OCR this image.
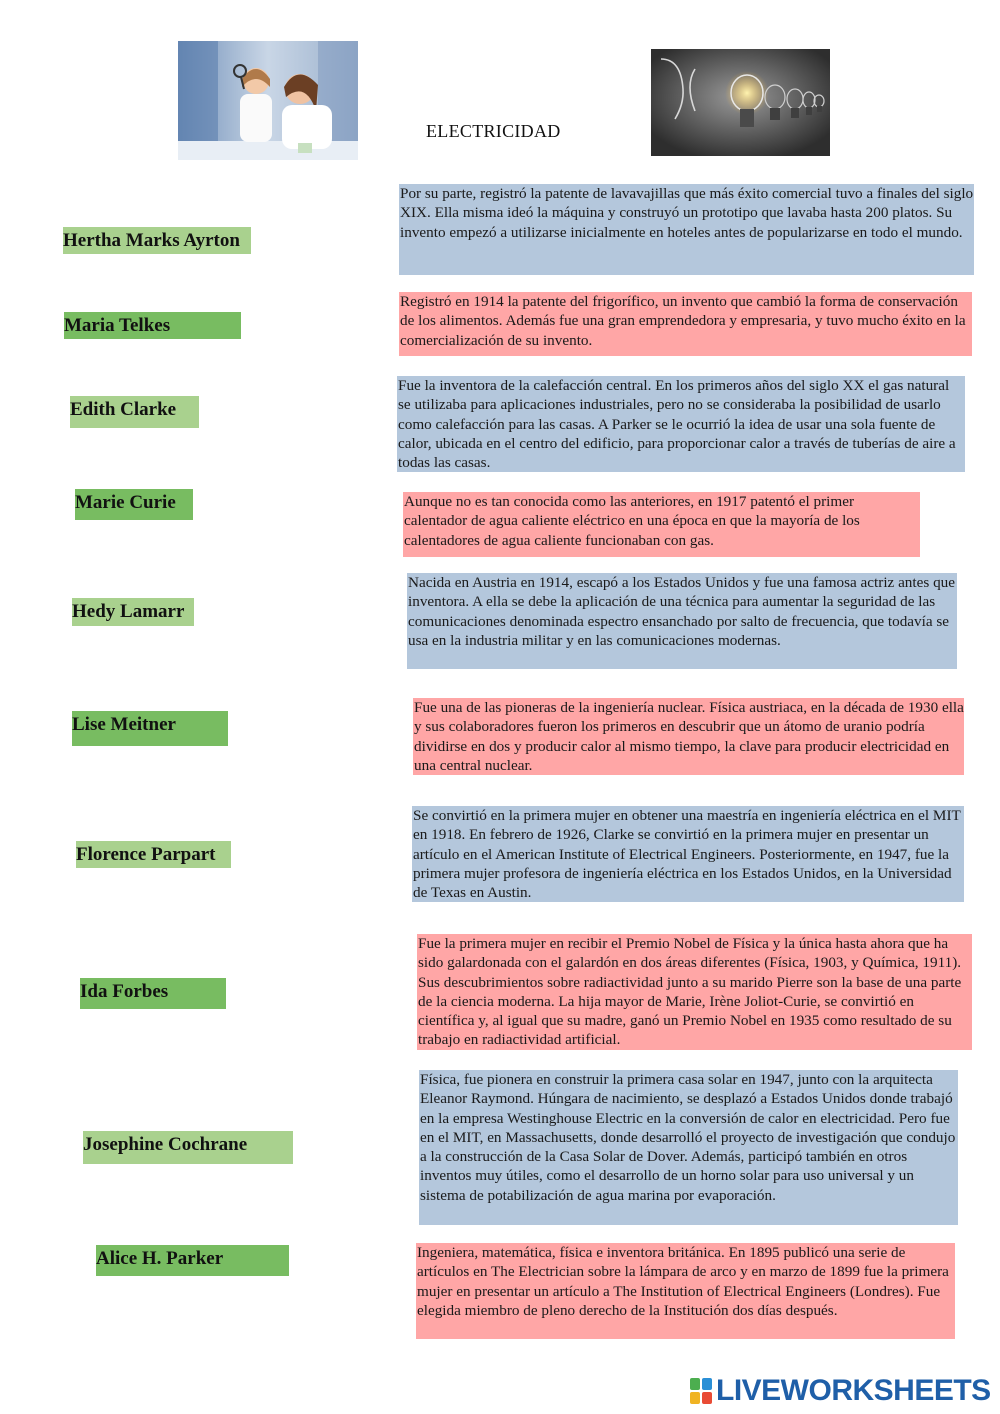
ELECTRICIDAD
Hertha Marks Ayrton
Maria Telkes
Edith Clarke
Marie Curie
Hedy Lamarr
Lise Meitner
Florence Parpart
Ida Forbes
Josephine Cochrane
Alice H. Parker
Por su parte, registró la patente de lavavajillas que más éxito comercial tuvo a finales del siglo XIX. Ella misma ideó la máquina y construyó un prototipo que lavaba hasta 200 platos. Su invento empezó a utilizarse inicialmente en hoteles antes de popularizarse en todo el mundo.
Registró en 1914 la patente del frigorífico, un invento que cambió la forma de conservación de los alimentos. Además fue una gran emprendedora y empresaria, y tuvo mucho éxito en la comercialización de su invento.
Fue la inventora de la calefacción central. En los primeros años del siglo XX el gas natural se utilizaba para aplicaciones industriales, pero no se consideraba la posibilidad de usarlo como calefacción para las casas. A Parker se le ocurrió la idea de usar una sola fuente de calor, ubicada en el centro del edificio, para proporcionar calor a través de tuberías de aire a todas las casas.
Aunque no es tan conocida como las anteriores, en 1917 patentó el primer calentador de agua caliente eléctrico en una época en que la mayoría de los calentadores de agua caliente funcionaban con gas.
Nacida en Austria en 1914, escapó a los Estados Unidos y fue una famosa actriz antes que inventora. A ella se debe la aplicación de una técnica para aumentar la seguridad de las comunicaciones denominada espectro ensanchado por salto de frecuencia, que todavía se usa en la industria militar y en las comunicaciones modernas.
Fue una de las pioneras de la ingeniería nuclear. Física austriaca, en la década de 1930 ella y sus colaboradores fueron los primeros en descubrir que un átomo de uranio podría dividirse en dos y producir calor al mismo tiempo, la clave para producir electricidad en una central nuclear.
Se convirtió en la primera mujer en obtener una maestría en ingeniería eléctrica en el MIT en 1918. En febrero de 1926, Clarke se convirtió en la primera mujer en presentar un artículo en el American Institute of Electrical Engineers. Posteriormente, en 1947, fue la primera mujer profesora de ingeniería eléctrica en los Estados Unidos, en la Universidad de Texas en Austin.
Fue la primera mujer en recibir el Premio Nobel de Física y la única hasta ahora que ha sido galardonada con el galardón en dos áreas diferentes (Física, 1903, y Química, 1911). Sus descubrimientos sobre radiactividad junto a su marido Pierre son la base de una parte de la ciencia moderna. La hija mayor de Marie, Irène Joliot-Curie, se convirtió en científica y, al igual que su madre, ganó un Premio Nobel en 1935 como resultado de su trabajo en radiactividad artificial.
Física, fue pionera en construir la primera casa solar en 1947, junto con la arquitecta Eleanor Raymond. Húngara de nacimiento, se desplazó a Estados Unidos donde trabajó en la empresa Westinghouse Electric en la conversión de calor en electricidad. Pero fue en el MIT, en Massachusetts, donde desarrolló el proyecto de investigación que condujo a la construcción de la Casa Solar de Dover. Además, participó también en otros inventos muy útiles, como el desarrollo de un horno solar para uso universal y un sistema de potabilización de agua marina por evaporación.
Ingeniera, matemática, física e inventora británica. En 1895 publicó una serie de artículos en The Electrician sobre la lámpara de arco y en marzo de 1899 fue la primera mujer en presentar un artículo a The Institution of Electrical Engineers (Londres). Fue elegida miembro de pleno derecho de la Institución dos días después.
LIVEWORKSHEETS
